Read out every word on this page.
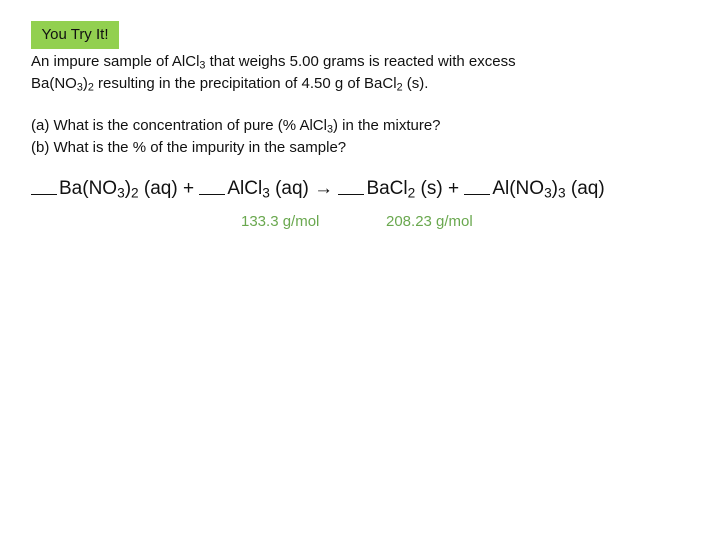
You Try It!
An impure sample of AlCl$_3$ that weighs 5.00 grams is reacted with excess
$Ba(NO_3)_2$ resulting in the precipitation of 4.50 g of BaCl$_2$ (s).
(a) What is the concentration of pure (% AlCl$_3$) in the mixture?
(b) What is the % of the impurity in the sample?
$Ba(NO_3)_2$ (aq) + AlCl$_3$ (aq) → BaCl$_2$ $(s) + Al(NO_3)_3$ (aq)
133.3 g/mol	208.23 g/mol
